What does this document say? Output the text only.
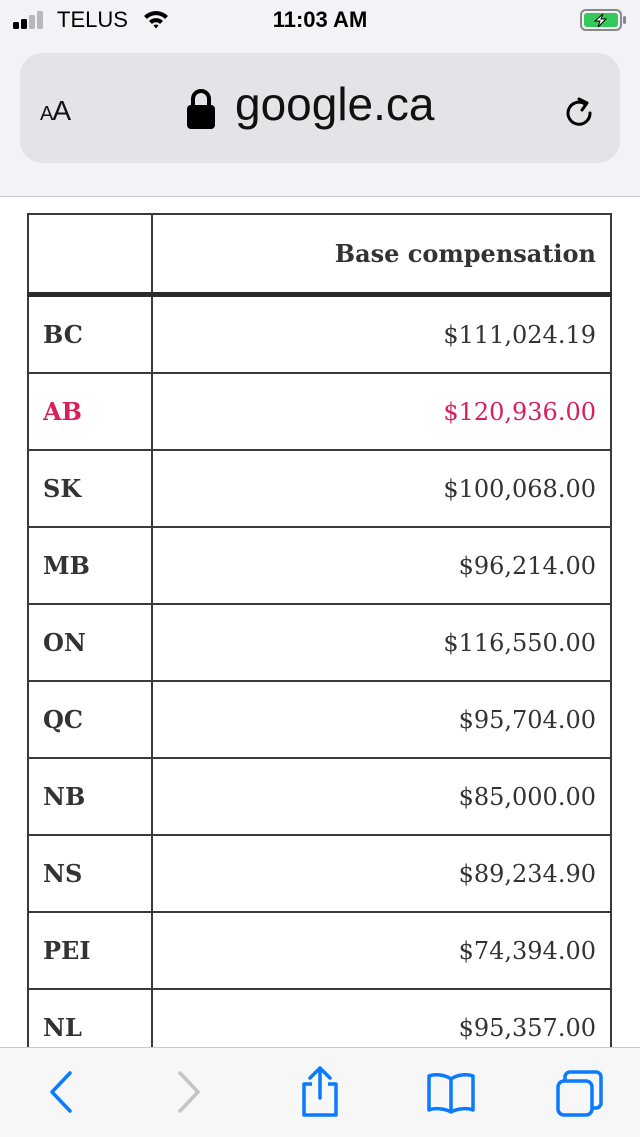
TELUS	11:03 AM
AA	google.ca
	Base compensation
BC	$111,024.19
AB	$120,936.00
SK	$100,068.00
MB	$96,214.00
ON	$116,550.00
QC	$95,704.00
NB	$85,000.00
NS	$89,234.90
PEI	$74,394.00
NL	$95,357.00
